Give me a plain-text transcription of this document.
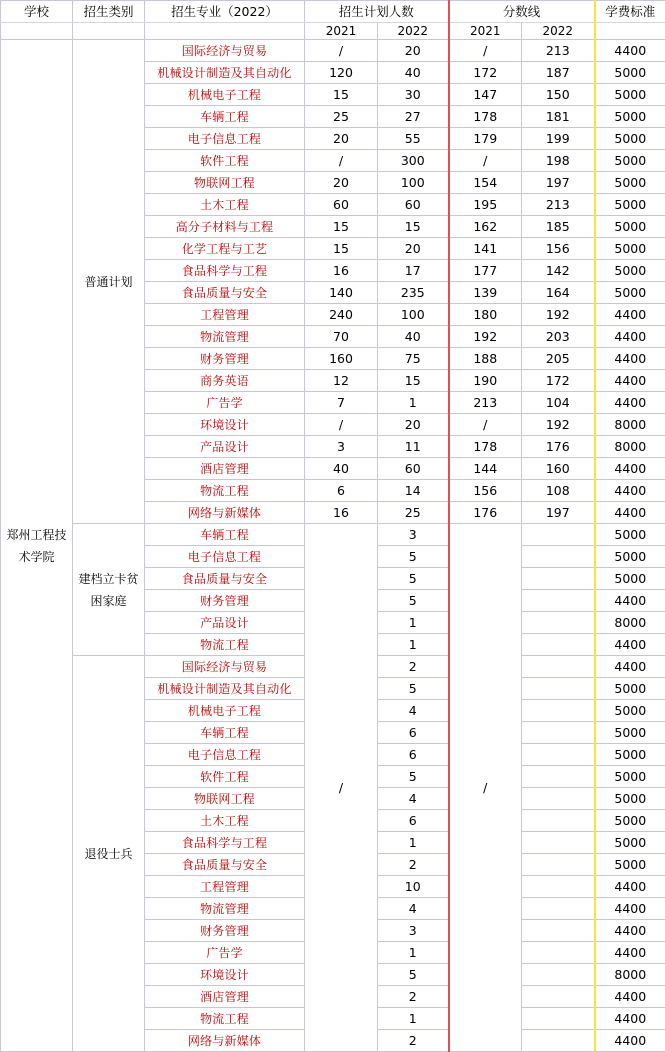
学校	招生类别	招生专业（2022）	招生计划人数		分数线		学费标准
			2021	2022	2021	2022	
郑州工程技术学院	普通计划	国际经济与贸易	/	20	/	213	4400
		机械设计制造及其自动化	120	40	172	187	5000
		机械电子工程	15	30	147	150	5000
		车辆工程	25	27	178	181	5000
		电子信息工程	20	55	179	199	5000
		软件工程	/	300	/	198	5000
		物联网工程	20	100	154	197	5000
		土木工程	60	60	195	213	5000
		高分子材料与工程	15	15	162	185	5000
		化学工程与工艺	15	20	141	156	5000
		食品科学与工程	16	17	177	142	5000
		食品质量与安全	140	235	139	164	5000
		工程管理	240	100	180	192	4400
		物流管理	70	40	192	203	4400
		财务管理	160	75	188	205	4400
		商务英语	12	15	190	172	4400
		广告学	7	1	213	104	4400
		环境设计	/	20	/	192	8000
		产品设计	3	11	178	176	8000
		酒店管理	40	60	144	160	4400
		物流工程	6	14	156	108	4400
		网络与新媒体	16	25	176	197	4400
	建档立卡贫困家庭	车辆工程	/	3	/		5000
		电子信息工程		5			5000
		食品质量与安全		5			5000
		财务管理		5			4400
		产品设计		1			8000
		物流工程		1			4400
	退役士兵	国际经济与贸易		2			4400
		机械设计制造及其自动化		5			5000
		机械电子工程		4			5000
		车辆工程		6			5000
		电子信息工程		6			5000
		软件工程		5			5000
		物联网工程		4			5000
		土木工程		6			5000
		食品科学与工程		1			5000
		食品质量与安全		2			5000
		工程管理		10			4400
		物流管理		4			4400
		财务管理		3			4400
		广告学		1			4400
		环境设计		5			8000
		酒店管理		2			4400
		物流工程		1			4400
		网络与新媒体		2			4400
